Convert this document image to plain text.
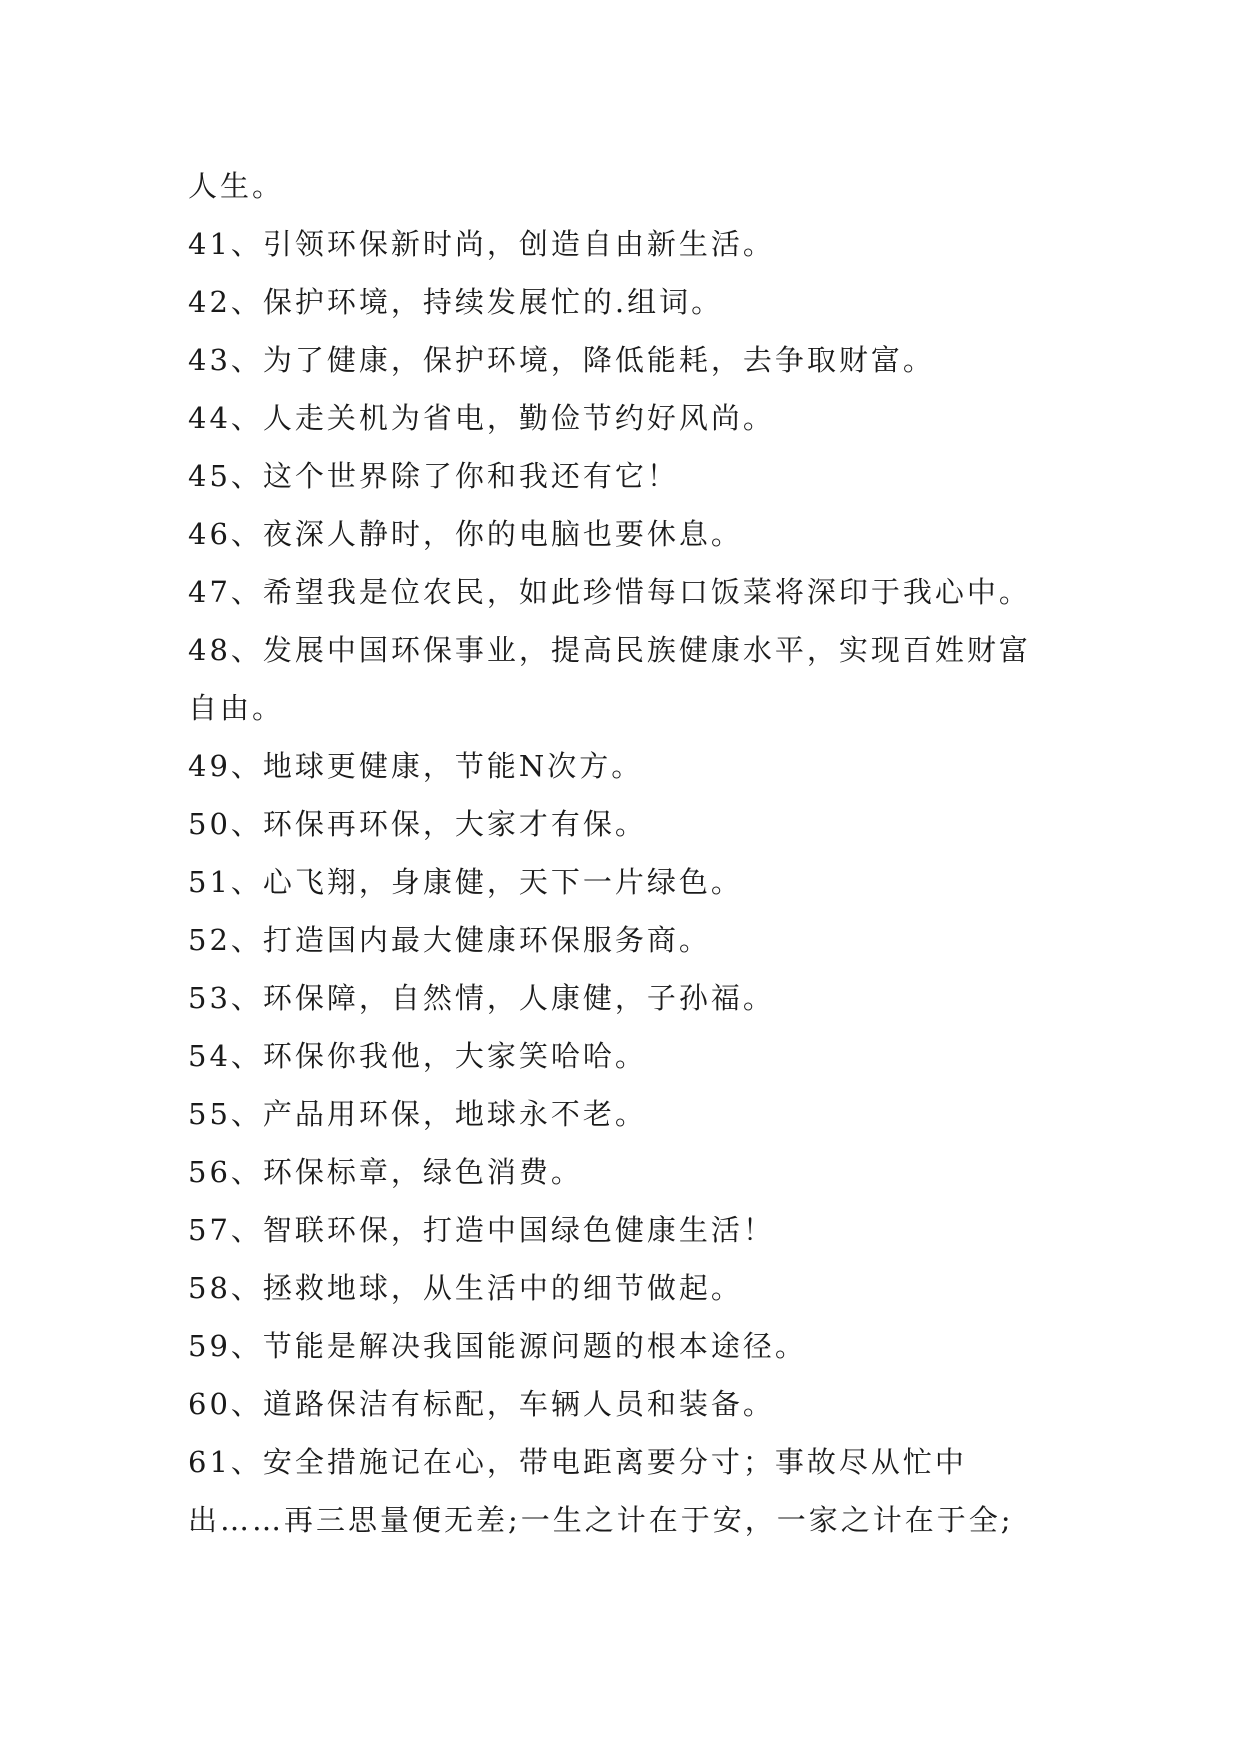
人生。
41、引领环保新时尚，创造自由新生活。
42、保护环境，持续发展忙的.组词。
43、为了健康，保护环境，降低能耗，去争取财富。
44、人走关机为省电，勤俭节约好风尚。
45、这个世界除了你和我还有它！
46、夜深人静时，你的电脑也要休息。
47、希望我是位农民，如此珍惜每口饭菜将深印于我心中。
48、发展中国环保事业，提高民族健康水平，实现百姓财富
自由。
49、地球更健康，节能N次方。
50、环保再环保，大家才有保。
51、心飞翔，身康健，天下一片绿色。
52、打造国内最大健康环保服务商。
53、环保障，自然情，人康健，子孙福。
54、环保你我他，大家笑哈哈。
55、产品用环保，地球永不老。
56、环保标章，绿色消费。
57、智联环保，打造中国绿色健康生活！
58、拯救地球，从生活中的细节做起。
59、节能是解决我国能源问题的根本途径。
60、道路保洁有标配，车辆人员和装备。
61、安全措施记在心，带电距离要分寸；事故尽从忙中
出……再三思量便无差;一生之计在于安，一家之计在于全;
